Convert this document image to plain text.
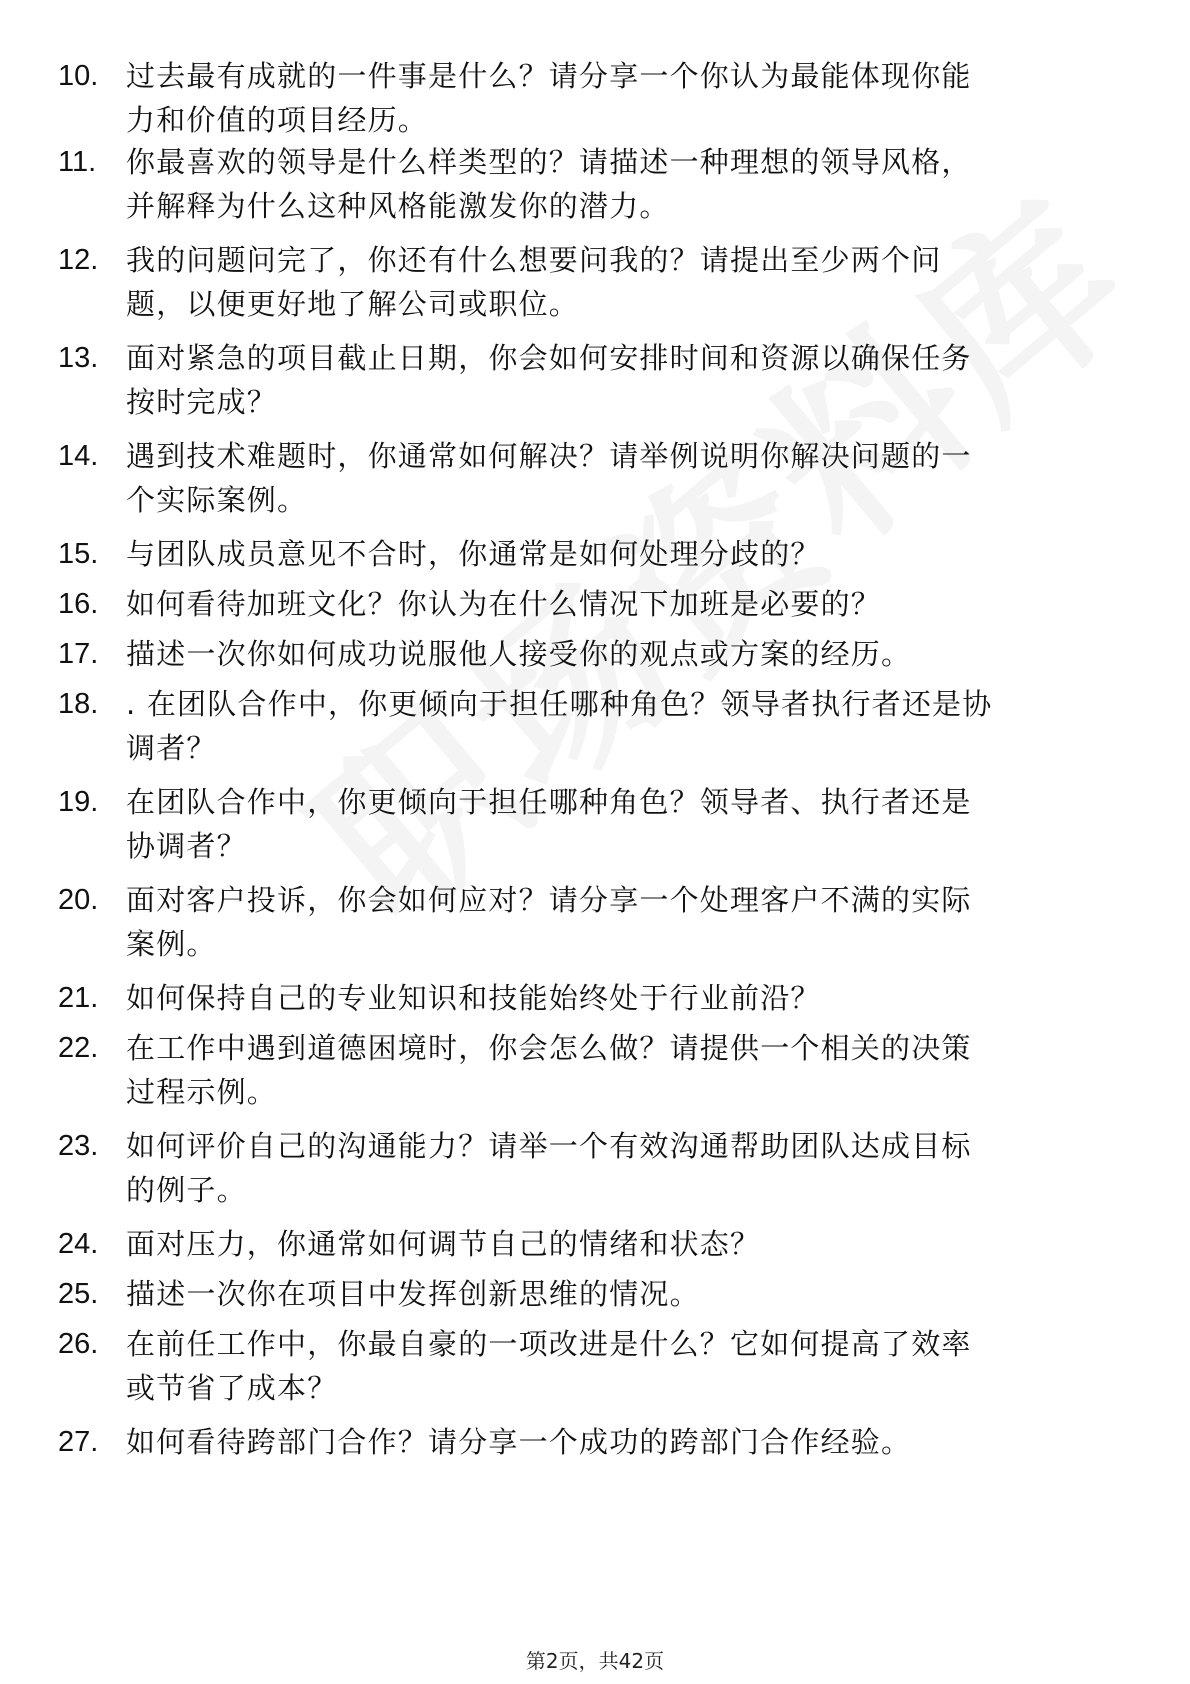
10. 过去最有成就的一件事是什么？请分享一个你认为最能体现你能
力和价值的项目经历。
11. 你最喜欢的领导是什么样类型的？请描述一种理想的领导风格，
并解释为什么这种风格能激发你的潜力。
12. 我的问题问完了，你还有什么想要问我的？请提出至少两个问
题，以便更好地了解公司或职位。
13. 面对紧急的项目截止日期，你会如何安排时间和资源以确保任务
按时完成？
14. 遇到技术难题时，你通常如何解决？请举例说明你解决问题的一
个实际案例。
15. 与团队成员意见不合时，你通常是如何处理分歧的？
16. 如何看待加班文化？你认为在什么情况下加班是必要的？
17. 描述一次你如何成功说服他人接受你的观点或方案的经历。
18. . 在团队合作中，你更倾向于担任哪种角色？领导者执行者还是协
调者？
19. 在团队合作中，你更倾向于担任哪种角色？领导者、执行者还是
协调者？
20. 面对客户投诉，你会如何应对？请分享一个处理客户不满的实际
案例。
21. 如何保持自己的专业知识和技能始终处于行业前沿？
22. 在工作中遇到道德困境时，你会怎么做？请提供一个相关的决策
过程示例。
23. 如何评价自己的沟通能力？请举一个有效沟通帮助团队达成目标
的例子。
24. 面对压力，你通常如何调节自己的情绪和状态？
25. 描述一次你在项目中发挥创新思维的情况。
26. 在前任工作中，你最自豪的一项改进是什么？它如何提高了效率
或节省了成本？
27. 如何看待跨部门合作？请分享一个成功的跨部门合作经验。
第2页，共42页
